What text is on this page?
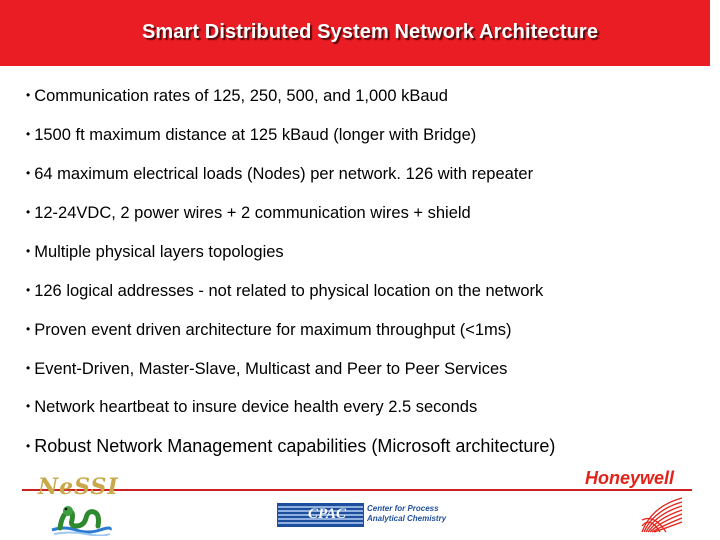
Smart Distributed System Network Architecture
• Communication rates of 125, 250, 500, and 1,000 kBaud
• 1500 ft maximum distance at 125 kBaud (longer with Bridge)
• 64 maximum electrical loads (Nodes) per network. 126 with repeater
• 12-24VDC, 2 power wires + 2 communication wires + shield
• Multiple physical layers topologies
• 126 logical addresses - not related to physical location on the network
• Proven event driven architecture for maximum throughput (<1ms)
• Event-Driven, Master-Slave, Multicast and Peer to Peer Services
• Network heartbeat to insure device health every 2.5 seconds
• Robust Network Management capabilities (Microsoft architecture)
NeSSI
CPAC	Center for Process
Analytical Chemistry
Honeywell
